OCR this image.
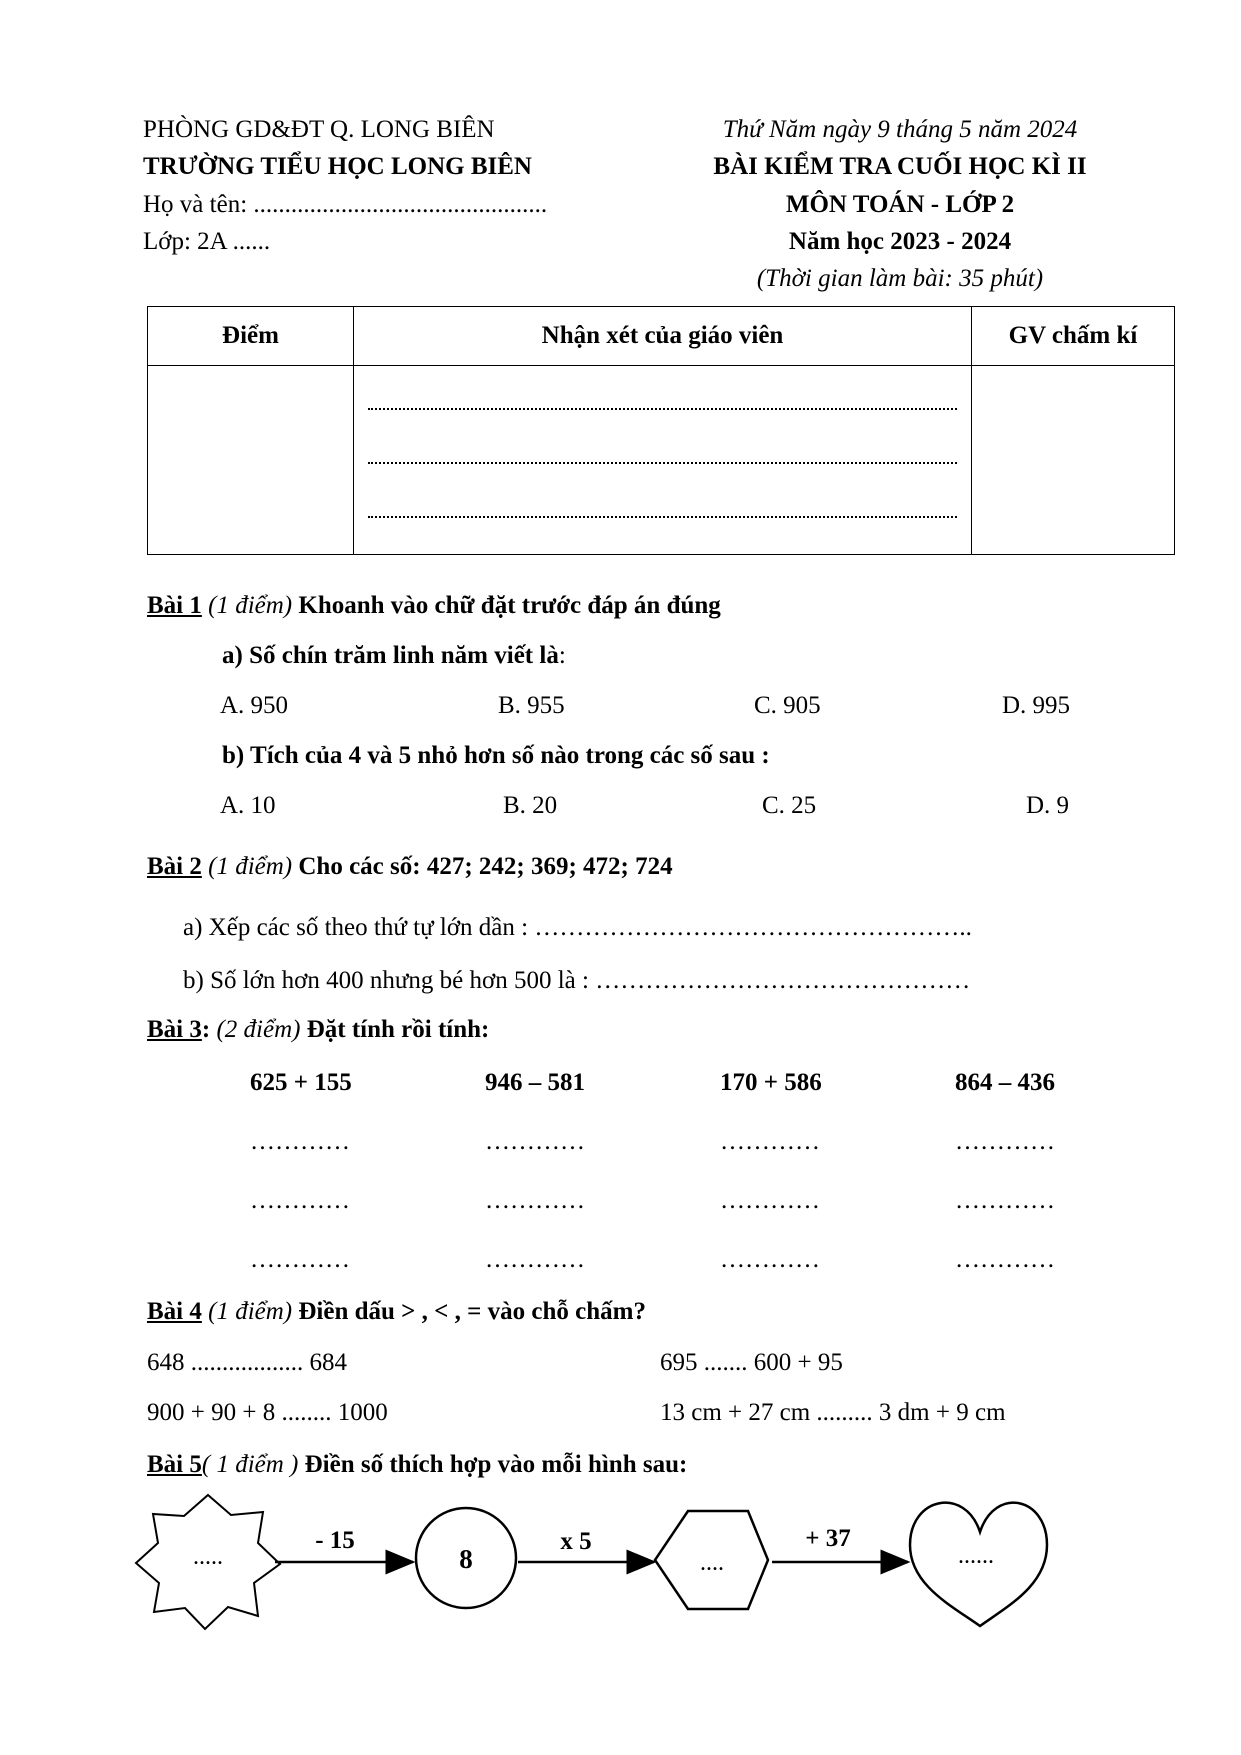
PHÒNG GD&ĐT Q. LONG BIÊN
TRƯỜNG TIỂU HỌC LONG BIÊN
Họ và tên: ...............................................
Lớp: 2A ......
Thứ Năm ngày 9 tháng 5 năm 2024
BÀI KIỂM TRA CUỐI HỌC KÌ II
MÔN TOÁN - LỚP 2
Năm học 2023 - 2024
(Thời gian làm bài: 35 phút)
Điểm	Nhận xét của giáo viên	GV chấm kí

Bài 1 (1 điểm) Khoanh vào chữ đặt trước đáp án đúng
a) Số chín trăm linh năm viết là:
A. 950	B. 955	C. 905	D. 995
b) Tích của 4 và 5 nhỏ hơn số nào trong các số sau :
A. 10	B. 20	C. 25	D. 9
Bài 2 (1 điểm) Cho các số: 427; 242; 369; 472; 724
a) Xếp các số theo thứ tự lớn dần : ……………………………………………..
b) Số lớn hơn 400 nhưng bé hơn 500 là : ………………………………………
Bài 3: (2 điểm) Đặt tính rồi tính:
625 + 155	946 – 581	170 + 586	864 – 436
…………	…………	…………	…………
…………	…………	…………	…………
…………	…………	…………	…………
Bài 4 (1 điểm) Điền dấu > , < , = vào chỗ chấm?
648 .................. 684	695 ....... 600 + 95
900 + 90 + 8 ........ 1000	13 cm + 27 cm ......... 3 dm + 9 cm
Bài 5( 1 điểm ) Điền số thích hợp vào mỗi hình sau:
.....
- 15
8
x 5
....
+ 37
......
